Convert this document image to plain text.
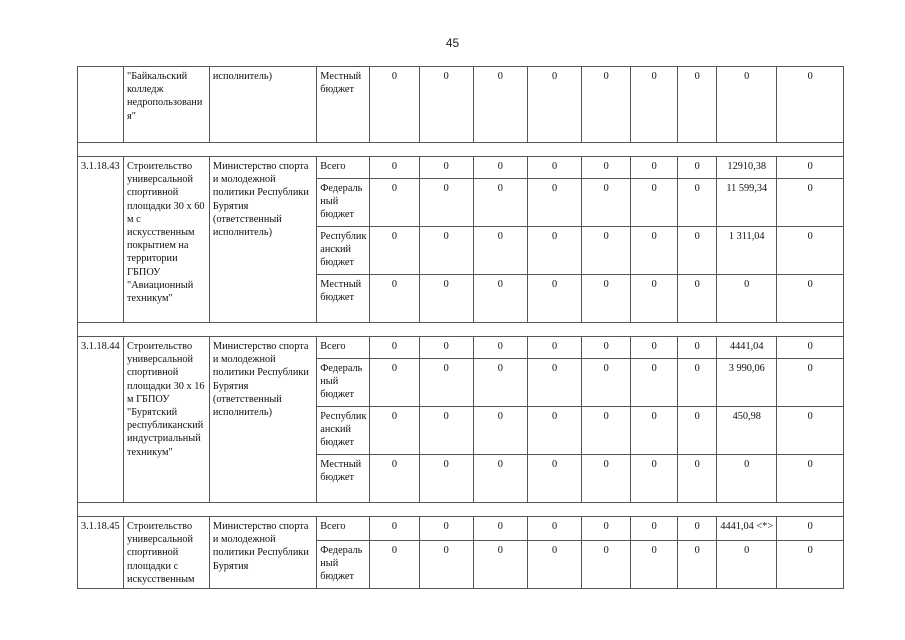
45
	"Байкальский колледж недропользования"	исполнитель)	Местный бюджет	0	0	0	0	0	0	0	0	0

3.1.18.43	Строительство универсальной спортивной площадки 30 х 60 м с искусственным покрытием на территории ГБПОУ "Авиационный техникум"	Министерство спорта и молодежной политики Республики Бурятия (ответственный исполнитель)	Всего	0	0	0	0	0	0	0	12910,38	0
			Федеральный бюджет	0	0	0	0	0	0	0	11 599,34	0
			Республиканский бюджет	0	0	0	0	0	0	0	1 311,04	0
			Местный бюджет	0	0	0	0	0	0	0	0	0

3.1.18.44	Строительство универсальной спортивной площадки 30 х 16 м ГБПОУ "Бурятский республиканский индустриальный техникум"	Министерство спорта и молодежной политики Республики Бурятия (ответственный исполнитель)	Всего	0	0	0	0	0	0	0	4441,04	0
			Федеральный бюджет	0	0	0	0	0	0	0	3 990,06	0
			Республиканский бюджет	0	0	0	0	0	0	0	450,98	0
			Местный бюджет	0	0	0	0	0	0	0	0	0

3.1.18.45	Строительство универсальной спортивной площадки с искусственным	Министерство спорта и молодежной политики Республики Бурятия	Всего	0	0	0	0	0	0	0	4441,04 <*>	0
			Федеральный бюджет	0	0	0	0	0	0	0	0	0
